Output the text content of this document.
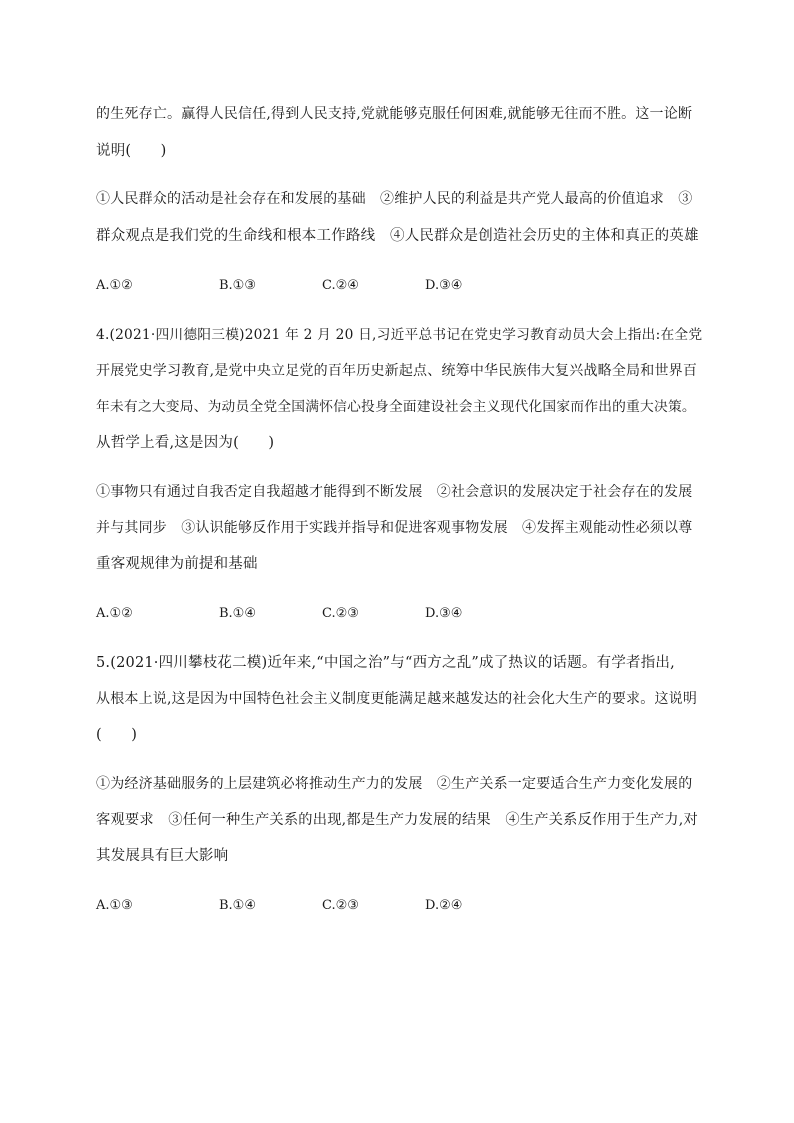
的生死存亡。赢得人民信任,得到人民支持,党就能够克服任何困难,就能够无往而不胜。这一论断
说明(　　)
①人民群众的活动是社会存在和发展的基础　②维护人民的利益是共产党人最高的价值追求　③
群众观点是我们党的生命线和根本工作路线　④人民群众是创造社会历史的主体和真正的英雄
A.①②	B.①③	C.②④	D.③④
4.(2021·四川德阳三模)2021 年 2 月 20 日,习近平总书记在党史学习教育动员大会上指出:在全党
开展党史学习教育,是党中央立足党的百年历史新起点、统筹中华民族伟大复兴战略全局和世界百
年未有之大变局、为动员全党全国满怀信心投身全面建设社会主义现代化国家而作出的重大决策。
从哲学上看,这是因为(　　)
①事物只有通过自我否定自我超越才能得到不断发展　②社会意识的发展决定于社会存在的发展
并与其同步　③认识能够反作用于实践并指导和促进客观事物发展　④发挥主观能动性必须以尊
重客观规律为前提和基础
A.①②	B.①④	C.②③	D.③④
5.(2021·四川攀枝花二模)近年来,“中国之治”与“西方之乱”成了热议的话题。有学者指出,
从根本上说,这是因为中国特色社会主义制度更能满足越来越发达的社会化大生产的要求。这说明
(　　)
①为经济基础服务的上层建筑必将推动生产力的发展　②生产关系一定要适合生产力变化发展的
客观要求　③任何一种生产关系的出现,都是生产力发展的结果　④生产关系反作用于生产力,对
其发展具有巨大影响
A.①③	B.①④	C.②③	D.②④
